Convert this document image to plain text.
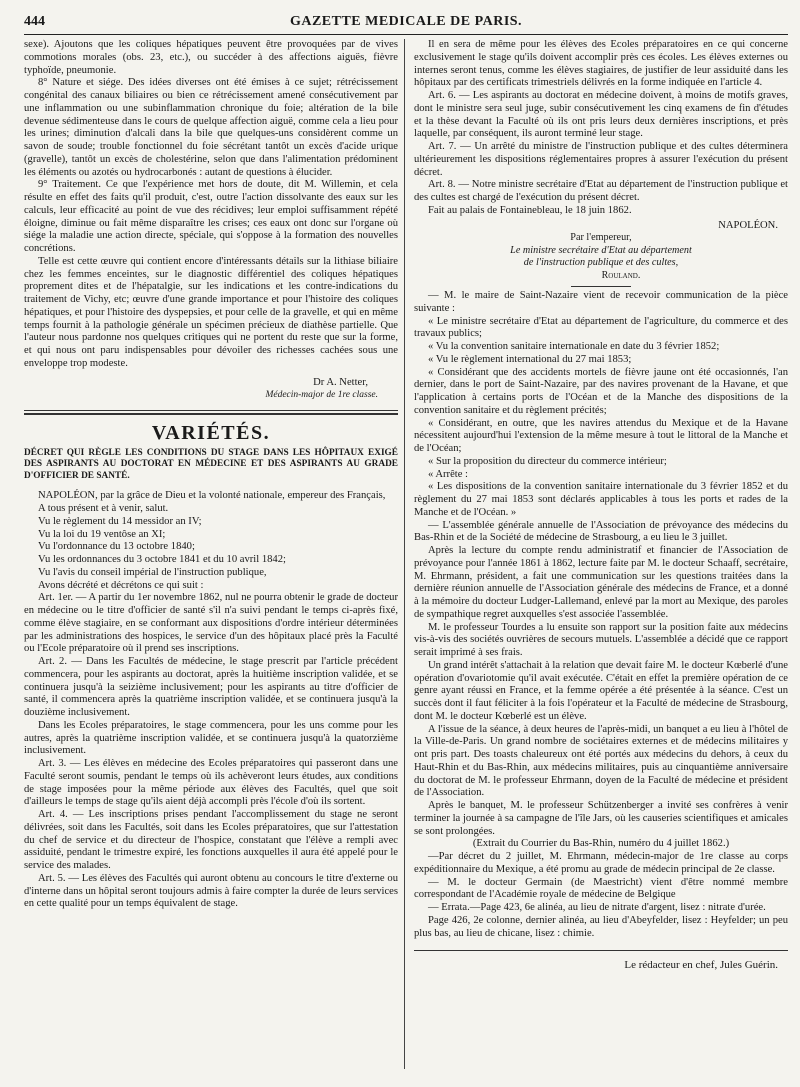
444	GAZETTE MEDICALE DE PARIS.

sexe). Ajoutons que les coliques hépatiques peuvent être provoquées par de vives commotions morales (obs. 23, etc.), ou succéder à des affections aiguës, fièvre typhoïde, pneumonie.

8° Nature et siége. Des idées diverses ont été émises à ce sujet; rétrécissement congénital des canaux biliaires ou bien ce rétrécissement amené consécutivement par une inflammation ou une subinflammation chronique du foie; altération de la bile devenue sédimenteuse dans le cours de quelque affection aiguë, comme cela a lieu pour les urines; diminution d'alcali dans la bile que quelques-uns considèrent comme un savon de soude; trouble fonctionnel du foie sécrétant tantôt un excès d'acide urique (gravelle), tantôt un excès de cholestérine, selon que dans l'alimentation prédominent les éléments ou azotés ou hydrocarbonés : autant de questions à élucider.

9° Traitement. Ce que l'expérience met hors de doute, dit M. Willemin, et cela résulte en effet des faits qu'il produit, c'est, outre l'action dissolvante des eaux sur les calculs, leur efficacité au point de vue des récidives; leur emploi suffisamment répété éloigne, diminue ou fait même disparaître les crises; ces eaux ont donc sur l'organe où siége la maladie une action directe, spéciale, qui s'oppose à la formation des nouvelles concrétions.

Telle est cette œuvre qui contient encore d'intéressants détails sur la lithiase biliaire chez les femmes enceintes, sur le diagnostic différentiel des coliques hépatiques proprement dites et de l'hépatalgie, sur les indications et les contre-indications du traitement de Vichy, etc; œuvre d'une grande importance et pour l'histoire des coliques hépatiques, et pour l'histoire des dyspepsies, et pour celle de la gravelle, et qui en même temps fournit à la pathologie générale un spécimen précieux de diathèse partielle. Que l'auteur nous pardonne nos quelques critiques qui ne portent du reste que sur la forme, et qui nous ont paru indispensables pour dévoiler des richesses cachées sous une enveloppe trop modeste.

Dr A. Netter,
Médecin-major de 1re classe.
VARIÉTÉS.
DÉCRET QUI RÈGLE LES CONDITIONS DU STAGE DANS LES HÔPITAUX EXIGÉ DES ASPIRANTS AU DOCTORAT EN MÉDECINE ET DES ASPIRANTS AU GRADE D'OFFICIER DE SANTÉ.

NAPOLÉON, par la grâce de Dieu et la volonté nationale, empereur des Français,

A tous présent et à venir, salut.

Vu le règlement du 14 messidor an IV;

Vu la loi du 19 ventôse an XI;

Vu l'ordonnance du 13 octobre 1840;

Vu les ordonnances du 3 octobre 1841 et du 10 avril 1842;

Vu l'avis du conseil impérial de l'instruction publique,

Avons décrété et décrétons ce qui suit :

Art. 1er. — A partir du 1er novembre 1862, nul ne pourra obtenir le grade de docteur en médecine ou le titre d'officier de santé s'il n'a suivi pendant le temps ci-après fixé, comme élève stagiaire, en se conformant aux dispositions d'ordre intérieur déterminées par les administrations des hospices, le service d'un des hôpitaux placé près la Faculté ou l'Ecole préparatoire où il prend ses inscriptions.

Art. 2. — Dans les Facultés de médecine, le stage prescrit par l'article précédent commencera, pour les aspirants au doctorat, après la huitième inscription validée, et se continuera jusqu'à la seizième inclusivement; pour les aspirants au titre d'officier de santé, il commencera après la quatrième inscription validée, et se continuera jusqu'à la douzième inclusivement.

Dans les Ecoles préparatoires, le stage commencera, pour les uns comme pour les autres, après la quatrième inscription validée, et se continuera jusqu'à la quatorzième inclusivement.

Art. 3. — Les élèves en médecine des Ecoles préparatoires qui passeront dans une Faculté seront soumis, pendant le temps où ils achèveront leurs études, aux conditions de stage imposées pour la même période aux élèves des Facultés, quel que soit d'ailleurs le temps de stage qu'ils aient déjà accompli près l'école d'où ils sortent.

Art. 4. — Les inscriptions prises pendant l'accomplissement du stage ne seront délivrées, soit dans les Facultés, soit dans les Ecoles préparatoires, que sur l'attestation du chef de service et du directeur de l'hospice, constatant que l'élève a rempli avec assiduité, pendant le trimestre expiré, les fonctions auxquelles il aura été appelé pour le service des malades.

Art. 5. — Les élèves des Facultés qui auront obtenu au concours le titre d'externe ou d'interne dans un hôpital seront toujours admis à faire compter la durée de leurs services en cette qualité pour un temps équivalent de stage.

Il en sera de même pour les élèves des Ecoles préparatoires en ce qui concerne exclusivement le stage qu'ils doivent accomplir près ces écoles. Les élèves externes ou internes seront tenus, comme les élèves stagiaires, de justifier de leur assiduité dans les hôpitaux par des certificats trimestriels délivrés en la forme indiquée en l'article 4.

Art. 6. — Les aspirants au doctorat en médecine doivent, à moins de motifs graves, dont le ministre sera seul juge, subir consécutivement les cinq examens de fin d'études et la thèse devant la Faculté où ils ont pris leurs deux dernières inscriptions, et près laquelle, par conséquent, ils auront terminé leur stage.

Art. 7. — Un arrêté du ministre de l'instruction publique et des cultes déterminera ultérieurement les dispositions réglementaires propres à assurer l'exécution du présent décret.

Art. 8. — Notre ministre secrétaire d'Etat au département de l'instruction publique et des cultes est chargé de l'exécution du présent décret.

Fait au palais de Fontainebleau, le 18 juin 1862.

NAPOLÉON.
Par l'empereur,
Le ministre secrétaire d'Etat au département
de l'instruction publique et des cultes,
Rouland.

— M. le maire de Saint-Nazaire vient de recevoir communication de la pièce suivante :

« Le ministre secrétaire d'Etat au département de l'agriculture, du commerce et des travaux publics;

« Vu la convention sanitaire internationale en date du 3 février 1852;

« Vu le règlement international du 27 mai 1853;

« Considérant que des accidents mortels de fièvre jaune ont été occasionnés, l'an dernier, dans le port de Saint-Nazaire, par des navires provenant de la Havane, et que l'application à certains ports de l'Océan et de la Manche des dispositions de la convention sanitaire et du règlement précités;

« Considérant, en outre, que les navires attendus du Mexique et de la Havane nécessitent aujourd'hui l'extension de la même mesure à tout le littoral de la Manche et de l'Océan;

« Sur la proposition du directeur du commerce intérieur;

« Arrête :

« Les dispositions de la convention sanitaire internationale du 3 février 1852 et du règlement du 27 mai 1853 sont déclarés applicables à tous les ports et rades de la Manche et de l'Océan. »

— L'assemblée générale annuelle de l'Association de prévoyance des médecins du Bas-Rhin et de la Société de médecine de Strasbourg, a eu lieu le 3 juillet.

Après la lecture du compte rendu administratif et financier de l'Association de prévoyance pour l'année 1861 à 1862, lecture faite par M. le docteur Schaaff, secrétaire, M. Ehrmann, président, a fait une communication sur les questions traitées dans la dernière réunion annuelle de l'Association générale des médecins de France, et a donné à la mémoire du docteur Ludger-Lallemand, enlevé par la mort au Mexique, des paroles de sympathique regret auxquelles s'est associée l'assemblée.

M. le professeur Tourdes a lu ensuite son rapport sur la position faite aux médecins vis-à-vis des sociétés ouvrières de secours mutuels. L'assemblée a décidé que ce rapport serait imprimé à ses frais.

Un grand intérêt s'attachait à la relation que devait faire M. le docteur Kœberlé d'une opération d'ovariotomie qu'il avait exécutée. C'était en effet la première opération de ce genre ayant réussi en France, et la femme opérée a été présentée à la séance. C'est un succès dont il faut féliciter à la fois l'opérateur et la Faculté de médecine de Strasbourg, dont M. le docteur Kœberlé est un élève.

A l'issue de la séance, à deux heures de l'après-midi, un banquet a eu lieu à l'hôtel de la Ville-de-Paris. Un grand nombre de sociétaires externes et de médecins militaires y ont pris part. Des toasts chaleureux ont été portés aux médecins du dehors, à ceux du Haut-Rhin et du Bas-Rhin, aux médecins militaires, puis au cinquantième anniversaire du doctorat de M. le professeur Ehrmann, doyen de la Faculté de médecine et président de l'Association.

Après le banquet, M. le professeur Schützenberger a invité ses confrères à venir terminer la journée à sa campagne de l'île Jars, où les causeries scientifiques et amicales se sont prolongées.

(Extrait du Courrier du Bas-Rhin, numéro du 4 juillet 1862.)

—Par décret du 2 juillet, M. Ehrmann, médecin-major de 1re classe au corps expéditionnaire du Mexique, a été promu au grade de médecin principal de 2e classe.

— M. le docteur Germain (de Maestricht) vient d'être nommé membre correspondant de l'Académie royale de médecine de Belgique

— Errata.—Page 423, 6e alinéa, au lieu de nitrate d'argent, lisez : nitrate d'urée.

Page 426, 2e colonne, dernier alinéa, au lieu d'Abeyfelder, lisez : Heyfelder; un peu plus bas, au lieu de chicane, lisez : chimie.

Le rédacteur en chef, Jules Guérin.
